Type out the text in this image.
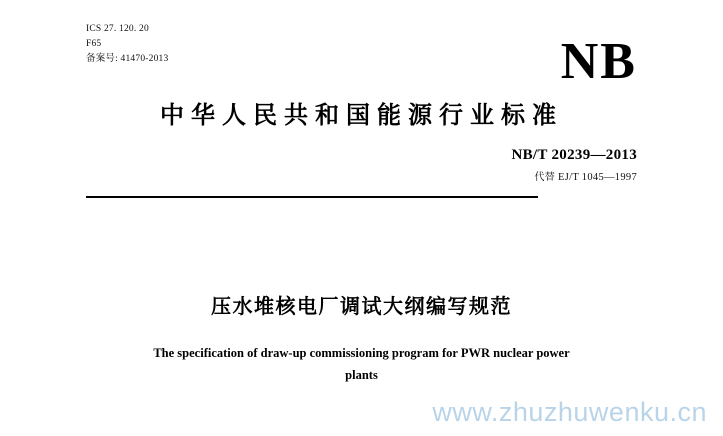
ICS 27. 120. 20
F65
备案号: 41470-2013	NB
中华人民共和国能源行业标准
NB/T 20239—2013
代替 EJ/T 1045—1997
压水堆核电厂调试大纲编写规范
The specification of draw-up commissioning program for PWR nuclear power
plants
www.zhuzhuwenku.cn
